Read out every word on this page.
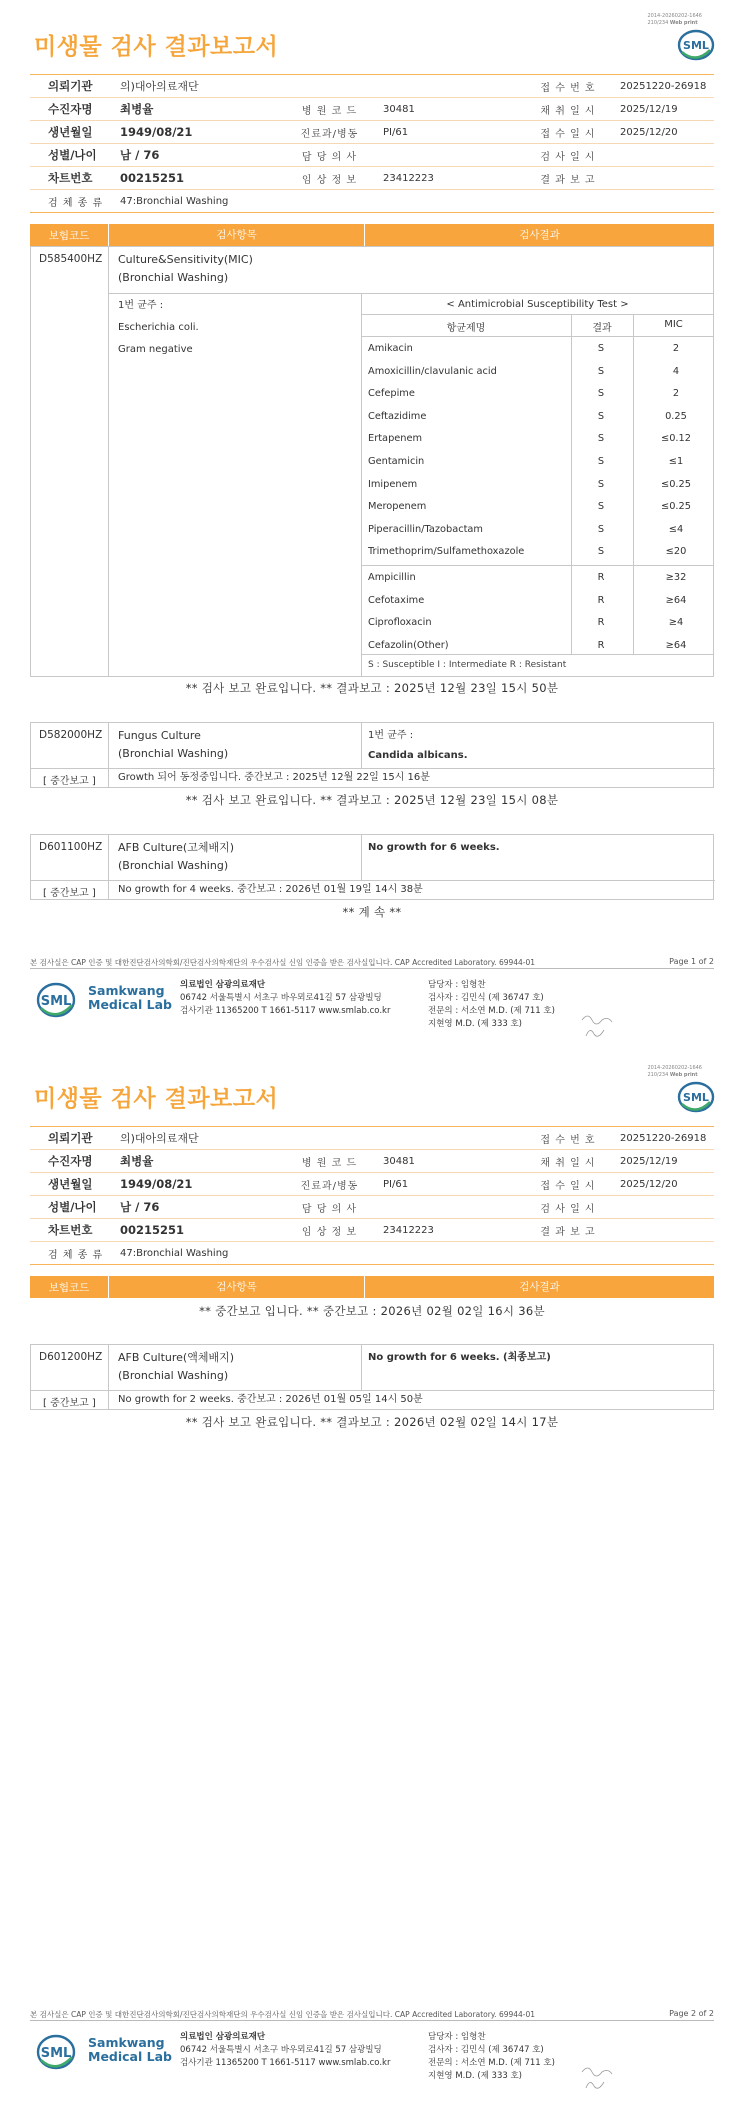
2014-20260202-1646
210/234 Web print
미생물 검사 결과보고서	SML
의뢰기관	의)대아의료재단	접 수 번 호	20251220-26918
수진자명	최병율	병 원 코 드	30481	채 취 일 시	2025/12/19
생년월일	1949/08/21	진료과/병동	PI/61	접 수 일 시	2025/12/20
성별/나이	남 / 76	담 당 의 사	검 사 일 시
차트번호	00215251	임 상 정 보	23412223	결 과 보 고
검 체 종 류	47:Bronchial Washing
보험코드	검사항목	검사결과
D585400HZ Culture&Sensitivity(MIC)
(Bronchial Washing)
1번 균주 :
Escherichia coli.
Gram negative
< Antimicrobial Susceptibility Test >
항균제명	결과	MIC
Amikacin	S	2
Amoxicillin/clavulanic acid	S	4
Cefepime	S	2
Ceftazidime	S	0.25
Ertapenem	S	≤0.12
Gentamicin	S	≤1
Imipenem	S	≤0.25
Meropenem	S	≤0.25
Piperacillin/Tazobactam	S	≤4
Trimethoprim/Sulfamethoxazole	S	≤20
Ampicillin	R	≥32
Cefotaxime	R	≥64
Ciprofloxacin	R	≥4
Cefazolin(Other)	R	≥64
S : Susceptible I : Intermediate R : Resistant
** 검사 보고 완료입니다. ** 결과보고 : 2025년 12월 23일 15시 50분
D582000HZ Fungus Culture
(Bronchial Washing)
1번 균주 :
Candida albicans.
[ 중간보고 ] Growth 되어 동정중입니다. 중간보고 : 2025년 12월 22일 15시 16분
** 검사 보고 완료입니다. ** 결과보고 : 2025년 12월 23일 15시 08분
D601100HZ AFB Culture(고체배지)
(Bronchial Washing)
No growth for 6 weeks.
[ 중간보고 ] No growth for 4 weeks. 중간보고 : 2026년 01월 19일 14시 38분
** 계 속 **
본 검사실은 CAP 인증 및 대한진단검사의학회/진단검사의학재단의 우수검사실 신임 인증을 받은 검사실입니다. CAP Accredited Laboratory. 69944-01	Page 1 of 2
SML
Samkwang
Medical Lab
의료법인 삼광의료재단
06742 서울특별시 서초구 바우뫼로41길 57 삼광빌딩
검사기관 11365200 T 1661-5117 www.smlab.co.kr
담당자 : 임형찬
검사자 : 김민식 (제 36747 호)
전문의 : 서소연 M.D. (제 711 호)
지현영 M.D. (제 333 호)
2014-20260202-1646
210/234 Web print
미생물 검사 결과보고서	SML
의뢰기관	의)대아의료재단	접 수 번 호	20251220-26918
수진자명	최병율	병 원 코 드	30481	채 취 일 시	2025/12/19
생년월일	1949/08/21	진료과/병동	PI/61	접 수 일 시	2025/12/20
성별/나이	남 / 76	담 당 의 사	검 사 일 시
차트번호	00215251	임 상 정 보	23412223	결 과 보 고
검 체 종 류	47:Bronchial Washing
보험코드	검사항목	검사결과
** 중간보고 입니다. ** 중간보고 : 2026년 02월 02일 16시 36분
D601200HZ AFB Culture(액체배지)
(Bronchial Washing)
No growth for 6 weeks. (최종보고)
[ 중간보고 ] No growth for 2 weeks. 중간보고 : 2026년 01월 05일 14시 50분
** 검사 보고 완료입니다. ** 결과보고 : 2026년 02월 02일 14시 17분
본 검사실은 CAP 인증 및 대한진단검사의학회/진단검사의학재단의 우수검사실 신임 인증을 받은 검사실입니다. CAP Accredited Laboratory. 69944-01	Page 2 of 2
SML
Samkwang
Medical Lab
의료법인 삼광의료재단
06742 서울특별시 서초구 바우뫼로41길 57 삼광빌딩
검사기관 11365200 T 1661-5117 www.smlab.co.kr
담당자 : 임형찬
검사자 : 김민식 (제 36747 호)
전문의 : 서소연 M.D. (제 711 호)
지현영 M.D. (제 333 호)
